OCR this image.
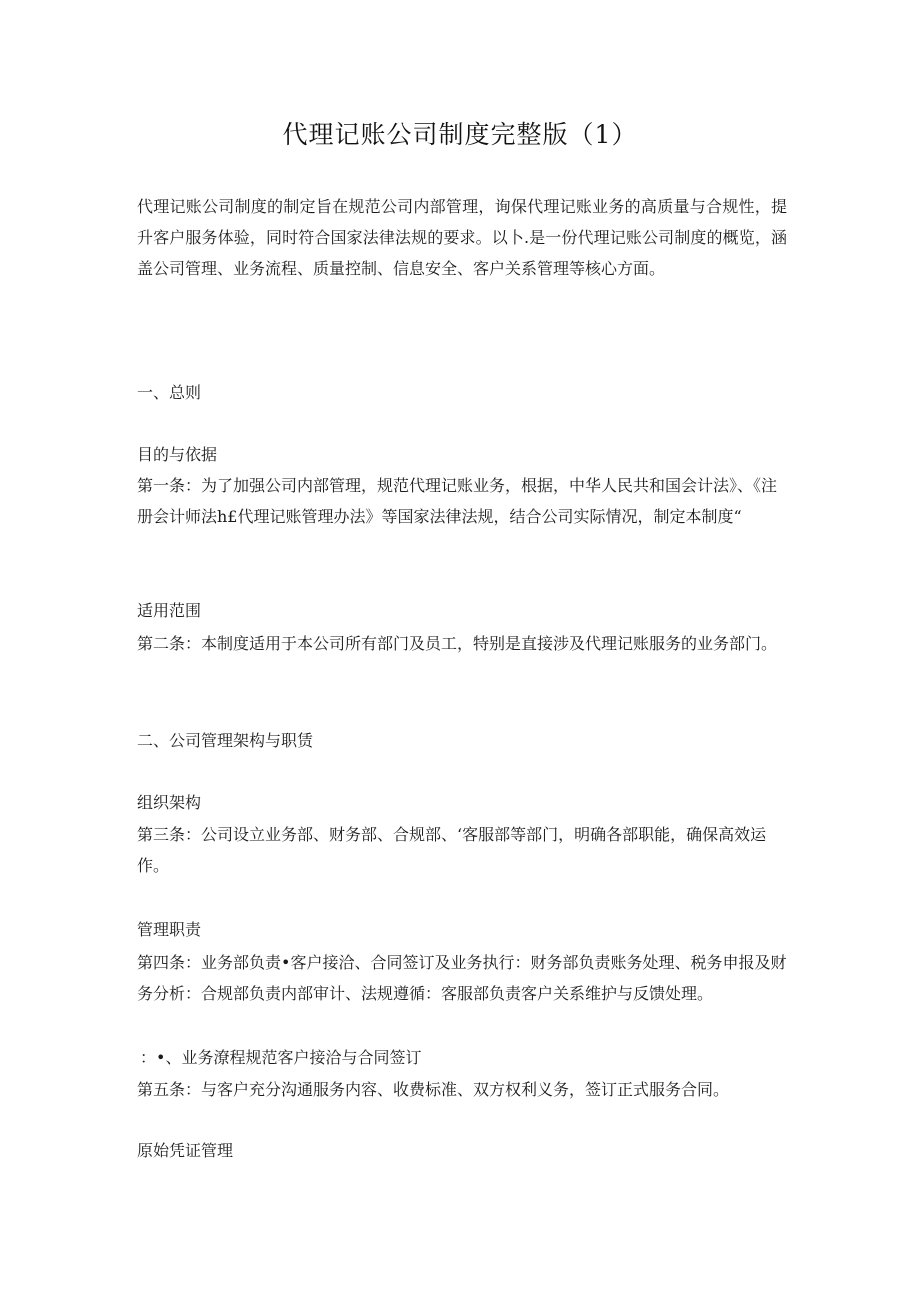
代理记账公司制度完整版（1）
代理记账公司制度的制定旨在规范公司内部管理，询保代理记账业务的高质量与合规性，提升客户服务体验，同时符合国家法律法规的要求。以卜.是一份代理记账公司制度的概览，涵盖公司管理、业务流程、质量控制、信息安全、客户关系管理等核心方面。
一、总则
目的与依据
第一条：为了加强公司内部管理，规范代理记账业务，根据，中华人民共和国会计法》、《注册会计师法h£代理记账管理办法》等国家法律法规，结合公司实际情况，制定本制度“
适用范围
第二条：本制度适用于本公司所有部门及员工，特别是直接涉及代理记账服务的业务部门。
二、公司管理架构与职赁
组织架构
第三条：公司设立业务部、财务部、合规部、‘客服部等部门，明确各部职能，确保高效运作。
管理职责
第四条：业务部负责•客户接洽、合同签订及业务执行：财务部负责账务处理、税务申报及财务分析：合规部负责内部审计、法规遵循：客服部负责客户关系维护与反馈处理。
：•、业务潦程规范客户接洽与合同签订
第五条：与客户充分沟通服务内容、收费标准、双方权利义务，签订正式服务合同。
原始凭证管理
